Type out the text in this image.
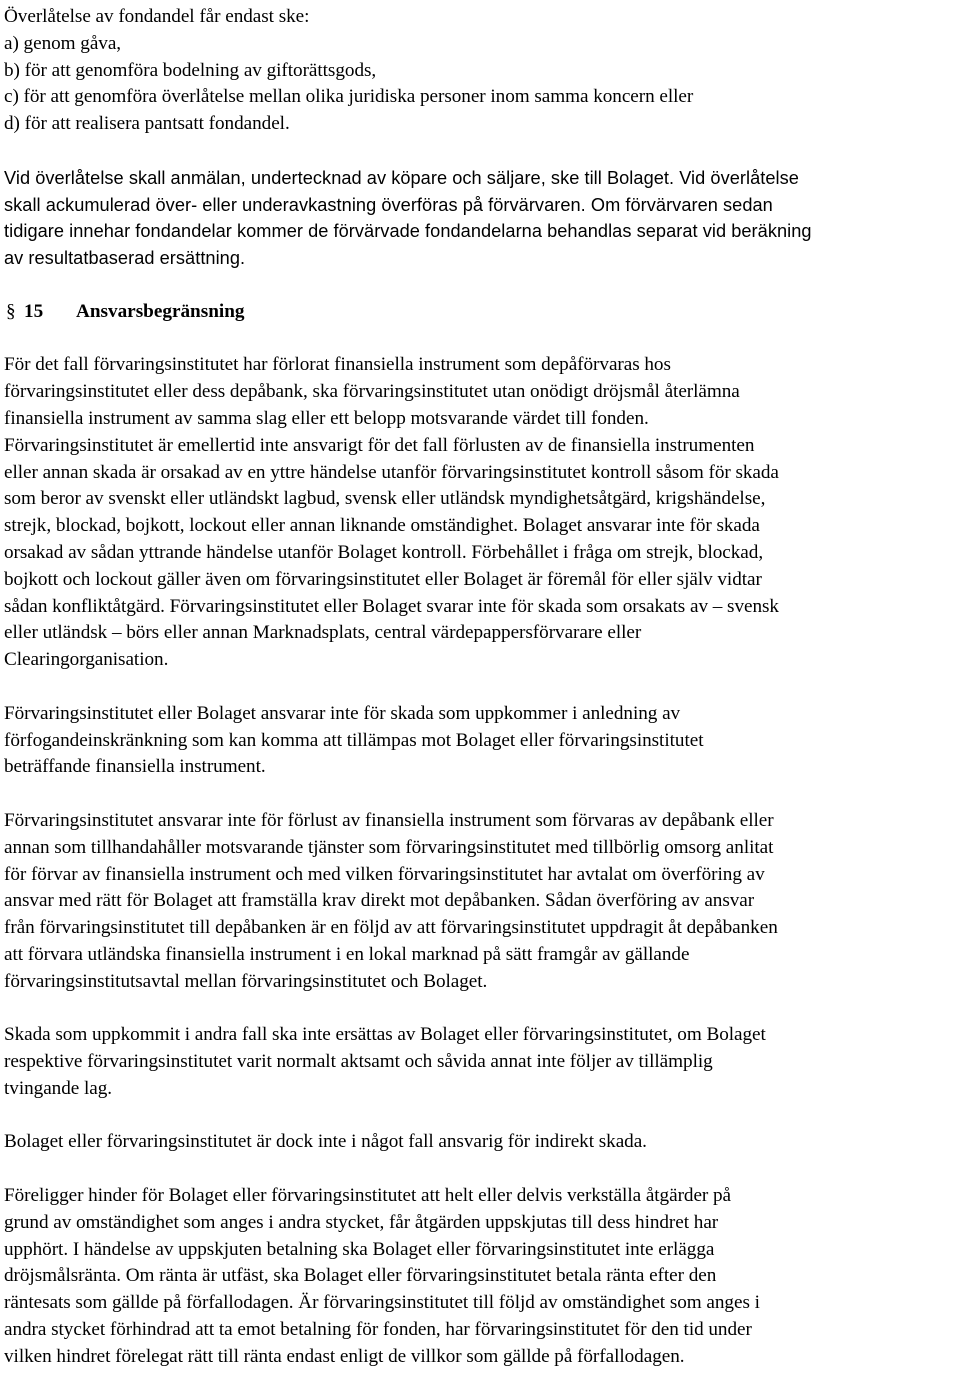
Överlåtelse av fondandel får endast ske:
a) genom gåva,
b) för att genomföra bodelning av giftorättsgods,
c) för att genomföra överlåtelse mellan olika juridiska personer inom samma koncern eller
d) för att realisera pantsatt fondandel.
Vid överlåtelse skall anmälan, undertecknad av köpare och säljare, ske till Bolaget. Vid överlåtelse
skall ackumulerad över- eller underavkastning överföras på förvärvaren. Om förvärvaren sedan
tidigare innehar fondandelar kommer de förvärvade fondandelarna behandlas separat vid beräkning
av resultatbaserad ersättning.
§ 15	Ansvarsbegränsning
För det fall förvaringsinstitutet har förlorat finansiella instrument som depåförvaras hos
förvaringsinstitutet eller dess depåbank, ska förvaringsinstitutet utan onödigt dröjsmål återlämna
finansiella instrument av samma slag eller ett belopp motsvarande värdet till fonden.
Förvaringsinstitutet är emellertid inte ansvarigt för det fall förlusten av de finansiella instrumenten
eller annan skada är orsakad av en yttre händelse utanför förvaringsinstitutet kontroll såsom för skada
som beror av svenskt eller utländskt lagbud, svensk eller utländsk myndighetsåtgärd, krigshändelse,
strejk, blockad, bojkott, lockout eller annan liknande omständighet. Bolaget ansvarar inte för skada
orsakad av sådan yttrande händelse utanför Bolaget kontroll. Förbehållet i fråga om strejk, blockad,
bojkott och lockout gäller även om förvaringsinstitutet eller Bolaget är föremål för eller själv vidtar
sådan konfliktåtgärd. Förvaringsinstitutet eller Bolaget svarar inte för skada som orsakats av – svensk
eller utländsk – börs eller annan Marknadsplats, central värdepappersförvarare eller
Clearingorganisation.
Förvaringsinstitutet eller Bolaget ansvarar inte för skada som uppkommer i anledning av
förfogandeinskränkning som kan komma att tillämpas mot Bolaget eller förvaringsinstitutet
beträffande finansiella instrument.
Förvaringsinstitutet ansvarar inte för förlust av finansiella instrument som förvaras av depåbank eller
annan som tillhandahåller motsvarande tjänster som förvaringsinstitutet med tillbörlig omsorg anlitat
för förvar av finansiella instrument och med vilken förvaringsinstitutet har avtalat om överföring av
ansvar med rätt för Bolaget att framställa krav direkt mot depåbanken. Sådan överföring av ansvar
från förvaringsinstitutet till depåbanken är en följd av att förvaringsinstitutet uppdragit åt depåbanken
att förvara utländska finansiella instrument i en lokal marknad på sätt framgår av gällande
förvaringsinstitutsavtal mellan förvaringsinstitutet och Bolaget.
Skada som uppkommit i andra fall ska inte ersättas av Bolaget eller förvaringsinstitutet, om Bolaget
respektive förvaringsinstitutet varit normalt aktsamt och såvida annat inte följer av tillämplig
tvingande lag.
Bolaget eller förvaringsinstitutet är dock inte i något fall ansvarig för indirekt skada.
Föreligger hinder för Bolaget eller förvaringsinstitutet att helt eller delvis verkställa åtgärder på
grund av omständighet som anges i andra stycket, får åtgärden uppskjutas till dess hindret har
upphört. I händelse av uppskjuten betalning ska Bolaget eller förvaringsinstitutet inte erlägga
dröjsmålsränta. Om ränta är utfäst, ska Bolaget eller förvaringsinstitutet betala ränta efter den
räntesats som gällde på förfallodagen. Är förvaringsinstitutet till följd av omständighet som anges i
andra stycket förhindrad att ta emot betalning för fonden, har förvaringsinstitutet för den tid under
vilken hindret förelegat rätt till ränta endast enligt de villkor som gällde på förfallodagen.
